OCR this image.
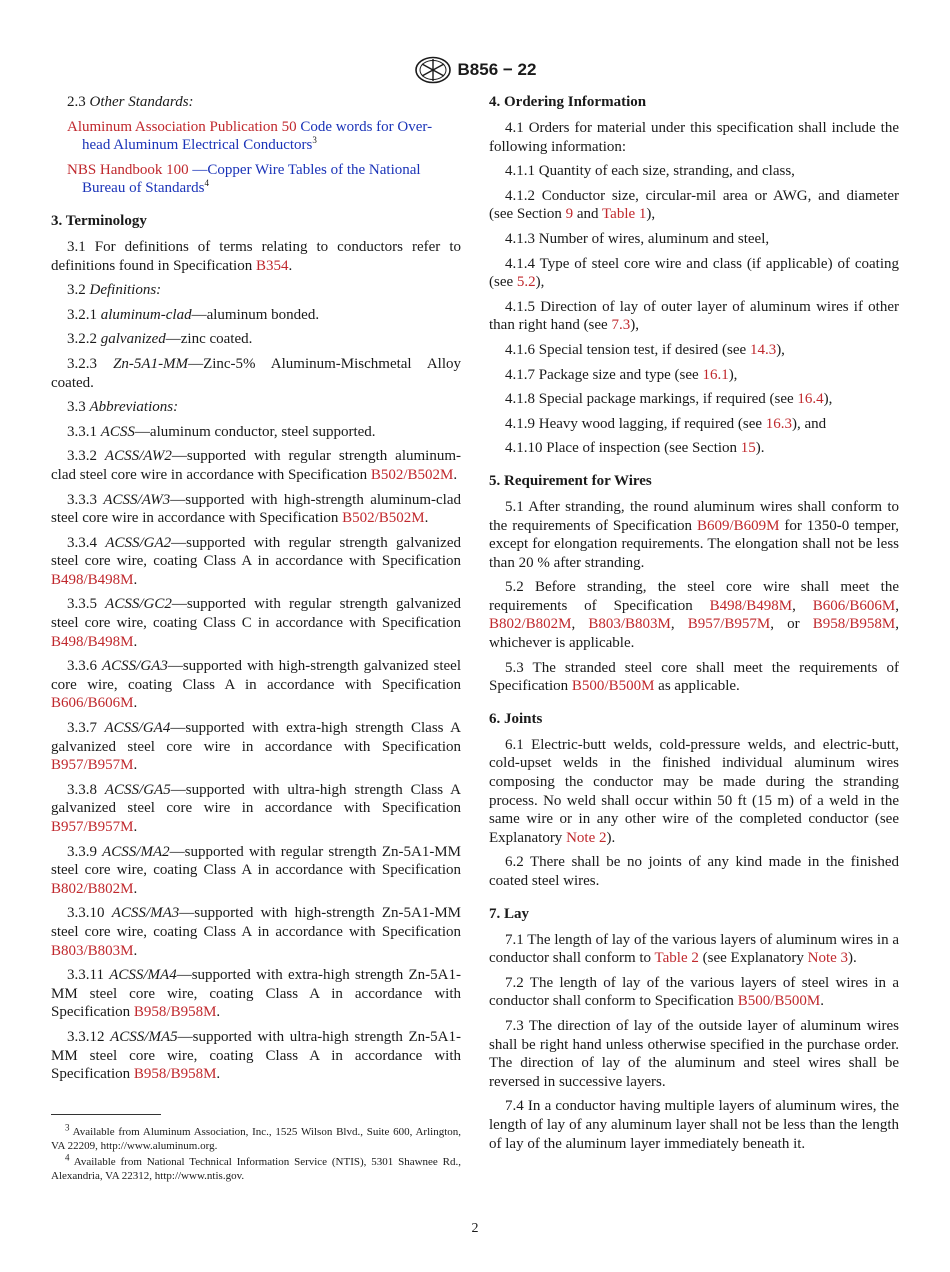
B856 − 22

2.3 Other Standards:

Aluminum Association Publication 50 Code words for Over-
head Aluminum Electrical Conductors$^3$

NBS Handbook 100 —Copper Wire Tables of the National
Bureau of Standards$^4$

3. Terminology

3.1 For definitions of terms relating to conductors refer to definitions found in Specification B354.

3.2 Definitions:

3.2.1 aluminum-clad—aluminum bonded.

3.2.2 galvanized—zinc coated.

3.2.3 Zn-5A1-MM—Zinc-5% Aluminum-Mischmetal Alloy coated.

3.3 Abbreviations:

3.3.1 ACSS—aluminum conductor, steel supported.

3.3.2 ACSS/AW2—supported with regular strength aluminum-clad steel core wire in accordance with Specification B502/B502M.

3.3.3 ACSS/AW3—supported with high-strength aluminum-clad steel core wire in accordance with Specification B502/B502M.

3.3.4 ACSS/GA2—supported with regular strength galvanized steel core wire, coating Class A in accordance with Specification B498/B498M.

3.3.5 ACSS/GC2—supported with regular strength galvanized steel core wire, coating Class C in accordance with Specification B498/B498M.

3.3.6 ACSS/GA3—supported with high-strength galvanized steel core wire, coating Class A in accordance with Specification B606/B606M.

3.3.7 ACSS/GA4—supported with extra-high strength Class A galvanized steel core wire in accordance with Specification B957/B957M.

3.3.8 ACSS/GA5—supported with ultra-high strength Class A galvanized steel core wire in accordance with Specification B957/B957M.

3.3.9 ACSS/MA2—supported with regular strength Zn-5A1-MM steel core wire, coating Class A in accordance with Specification B802/B802M.

3.3.10 ACSS/MA3—supported with high-strength Zn-5A1-MM steel core wire, coating Class A in accordance with Specification B803/B803M.

3.3.11 ACSS/MA4—supported with extra-high strength Zn-5A1-MM steel core wire, coating Class A in accordance with Specification B958/B958M.

3.3.12 ACSS/MA5—supported with ultra-high strength Zn-5A1-MM steel core wire, coating Class A in accordance with Specification B958/B958M.

$^3$ Available from Aluminum Association, Inc., 1525 Wilson Blvd., Suite 600, Arlington, VA 22209, http://www.aluminum.org.

$^4$ Available from National Technical Information Service (NTIS), 5301 Shawnee Rd., Alexandria, VA 22312, http://www.ntis.gov.

4. Ordering Information

4.1 Orders for material under this specification shall include the following information:

4.1.1 Quantity of each size, stranding, and class,

4.1.2 Conductor size, circular-mil area or AWG, and diameter (see Section 9 and Table 1),

4.1.3 Number of wires, aluminum and steel,

4.1.4 Type of steel core wire and class (if applicable) of coating (see 5.2),

4.1.5 Direction of lay of outer layer of aluminum wires if other than right hand (see 7.3),

4.1.6 Special tension test, if desired (see 14.3),

4.1.7 Package size and type (see 16.1),

4.1.8 Special package markings, if required (see 16.4),

4.1.9 Heavy wood lagging, if required (see 16.3), and

4.1.10 Place of inspection (see Section 15).

5. Requirement for Wires

5.1 After stranding, the round aluminum wires shall conform to the requirements of Specification B609/B609M for 1350-0 temper, except for elongation requirements. The elongation shall not be less than 20 % after stranding.

5.2 Before stranding, the steel core wire shall meet the requirements of Specification B498/B498M, B606/B606M, B802/B802M, B803/B803M, B957/B957M, or B958/B958M, whichever is applicable.

5.3 The stranded steel core shall meet the requirements of Specification B500/B500M as applicable.

6. Joints

6.1 Electric-butt welds, cold-pressure welds, and electric-butt, cold-upset welds in the finished individual aluminum wires composing the conductor may be made during the stranding process. No weld shall occur within 50 ft (15 m) of a weld in the same wire or in any other wire of the completed conductor (see Explanatory Note 2).

6.2 There shall be no joints of any kind made in the finished coated steel wires.

7. Lay

7.1 The length of lay of the various layers of aluminum wires in a conductor shall conform to Table 2 (see Explanatory Note 3).

7.2 The length of lay of the various layers of steel wires in a conductor shall conform to Specification B500/B500M.

7.3 The direction of lay of the outside layer of aluminum wires shall be right hand unless otherwise specified in the purchase order. The direction of lay of the aluminum and steel wires shall be reversed in successive layers.

7.4 In a conductor having multiple layers of aluminum wires, the length of lay of any aluminum layer shall not be less than the length of lay of the aluminum layer immediately beneath it.

2
